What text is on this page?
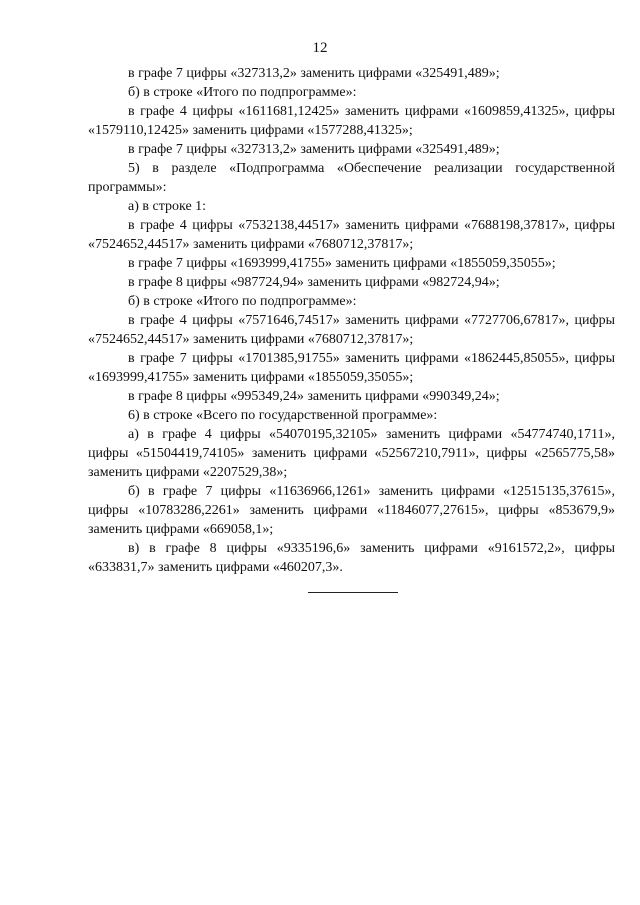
12

в графе 7 цифры «327313,2» заменить цифрами «325491,489»;

б) в строке «Итого по подпрограмме»:

в графе 4 цифры «1611681,12425» заменить цифрами «1609859,41325», цифры «1579110,12425» заменить цифрами «1577288,41325»;

в графе 7 цифры «327313,2» заменить цифрами «325491,489»;

5) в разделе «Подпрограмма «Обеспечение реализации государственной программы»:

а) в строке 1:

в графе 4 цифры «7532138,44517» заменить цифрами «7688198,37817», цифры «7524652,44517» заменить цифрами «7680712,37817»;

в графе 7 цифры «1693999,41755» заменить цифрами «1855059,35055»;

в графе 8 цифры «987724,94» заменить цифрами «982724,94»;

б) в строке «Итого по подпрограмме»:

в графе 4 цифры «7571646,74517» заменить цифрами «7727706,67817», цифры «7524652,44517» заменить цифрами «7680712,37817»;

в графе 7 цифры «1701385,91755» заменить цифрами «1862445,85055», цифры «1693999,41755» заменить цифрами «1855059,35055»;

в графе 8 цифры «995349,24» заменить цифрами «990349,24»;

6) в строке «Всего по государственной программе»:

а) в графе 4 цифры «54070195,32105» заменить цифрами «54774740,1711», цифры «51504419,74105» заменить цифрами «52567210,7911», цифры «2565775,58» заменить цифрами «2207529,38»;

б) в графе 7 цифры «11636966,1261» заменить цифрами «12515135,37615», цифры «10783286,2261» заменить цифрами «11846077,27615», цифры «853679,9» заменить цифрами «669058,1»;

в) в графе 8 цифры «9335196,6» заменить цифрами «9161572,2», цифры «633831,7» заменить цифрами «460207,3».
